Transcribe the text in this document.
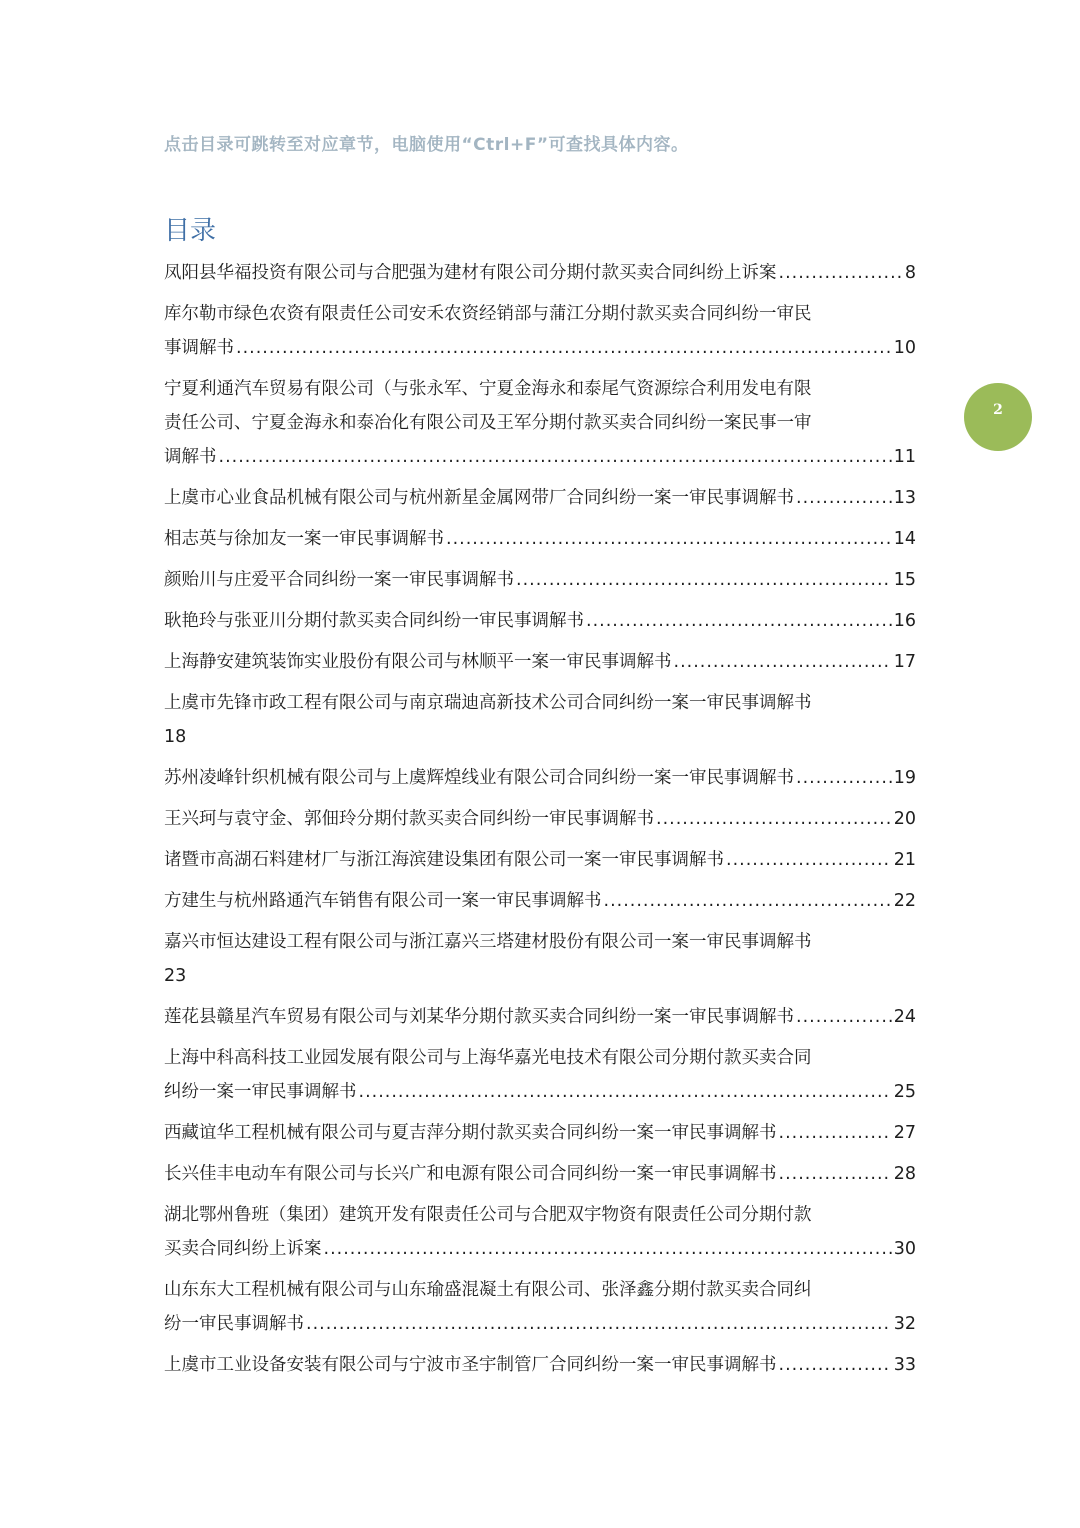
点击目录可跳转至对应章节，电脑使用“Ctrl+F”可查找具体内容。
目录
凤阳县华福投资有限公司与合肥强为建材有限公司分期付款买卖合同纠纷上诉案 .....	8
库尔勒市绿色农资有限责任公司安禾农资经销部与蒲江分期付款买卖合同纠纷一审民
事调解书 .....	10
宁夏利通汽车贸易有限公司（与张永军、宁夏金海永和泰尾气资源综合利用发电有限
责任公司、宁夏金海永和泰冶化有限公司及王军分期付款买卖合同纠纷一案民事一审
调解书 .....	11
上虞市心业食品机械有限公司与杭州新星金属网带厂合同纠纷一案一审民事调解书 .....	13
相志英与徐加友一案一审民事调解书 .....	14
颜贻川与庄爱平合同纠纷一案一审民事调解书 .....	15
耿艳玲与张亚川分期付款买卖合同纠纷一审民事调解书 .....	16
上海静安建筑装饰实业股份有限公司与林顺平一案一审民事调解书 .....	17
上虞市先锋市政工程有限公司与南京瑞迪高新技术公司合同纠纷一案一审民事调解书
18
苏州凌峰针织机械有限公司与上虞辉煌线业有限公司合同纠纷一案一审民事调解书 .....	19
王兴珂与袁守金、郭佃玲分期付款买卖合同纠纷一审民事调解书 .....	20
诸暨市高湖石料建材厂与浙江海滨建设集团有限公司一案一审民事调解书 .....	21
方建生与杭州路通汽车销售有限公司一案一审民事调解书 .....	22
嘉兴市恒达建设工程有限公司与浙江嘉兴三塔建材股份有限公司一案一审民事调解书
23
莲花县赣星汽车贸易有限公司与刘某华分期付款买卖合同纠纷一案一审民事调解书 .....	24
上海中科高科技工业园发展有限公司与上海华嘉光电技术有限公司分期付款买卖合同
纠纷一案一审民事调解书 .....	25
西藏谊华工程机械有限公司与夏吉萍分期付款买卖合同纠纷一案一审民事调解书 .....	27
长兴佳丰电动车有限公司与长兴广和电源有限公司合同纠纷一案一审民事调解书 .....	28
湖北鄂州鲁班（集团）建筑开发有限责任公司与合肥双宇物资有限责任公司分期付款
买卖合同纠纷上诉案 .....	30
山东东大工程机械有限公司与山东瑜盛混凝土有限公司、张泽鑫分期付款买卖合同纠
纷一审民事调解书 .....	32
上虞市工业设备安装有限公司与宁波市圣宇制管厂合同纠纷一案一审民事调解书 .....	33
2
